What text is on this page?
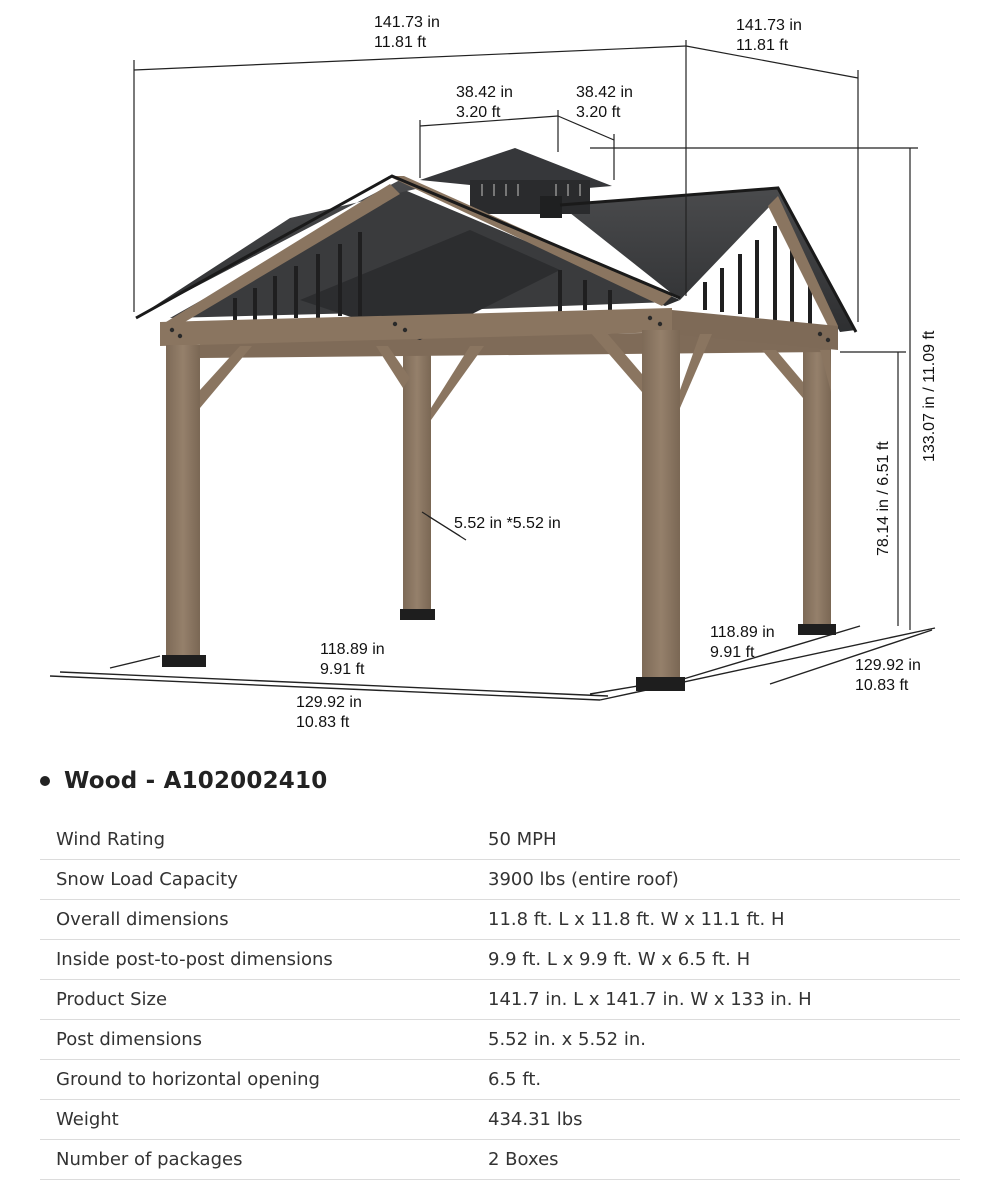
141.73 in
11.81 ft
141.73 in
11.81 ft
38.42 in
3.20 ft
38.42 in
3.20 ft
133.07 in / 11.09 ft
78.14 in / 6.51 ft
5.52 in *5.52 in
118.89 in
9.91 ft
118.89 in
9.91 ft
129.92 in
10.83 ft
129.92 in
10.83 ft
Wood - A102002410
Wind Rating	50 MPH
Snow Load Capacity	3900 lbs (entire roof)
Overall dimensions	11.8 ft. L x 11.8 ft. W x 11.1 ft. H
Inside post-to-post dimensions	9.9 ft. L x 9.9 ft. W x 6.5 ft. H
Product Size	141.7 in. L x 141.7 in. W x 133 in. H
Post dimensions	5.52 in. x 5.52 in.
Ground to horizontal opening	6.5 ft.
Weight	434.31 lbs
Number of packages	2 Boxes
